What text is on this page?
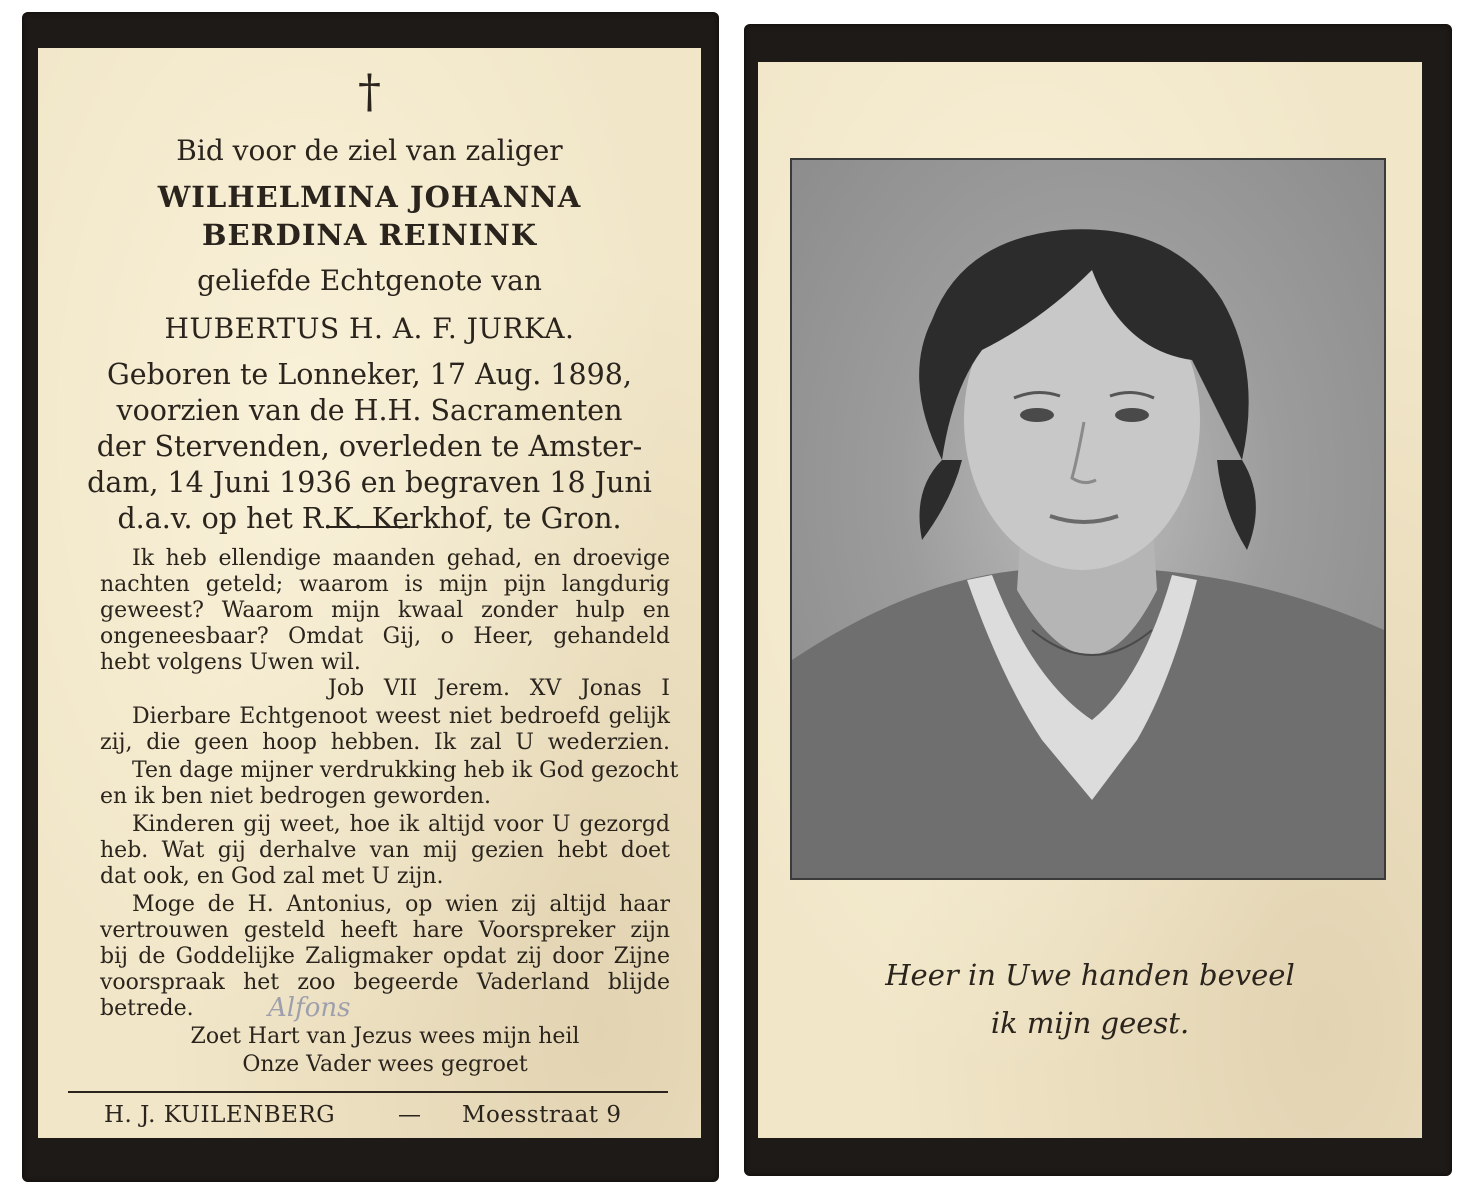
†
Bid voor de ziel van zaliger
WILHELMINA JOHANNA
BERDINA REININK
geliefde Echtgenote van
HUBERTUS H. A. F. JURKA.
Geboren te Lonneker, 17 Aug. 1898,
voorzien van de H.H. Sacramenten
der Stervenden, overleden te Amster-
dam, 14 Juni 1936 en begraven 18 Juni
d.a.v. op het R.K. Kerkhof, te Gron.
Ik heb ellendige maanden gehad, en droevige
nachten geteld; waarom is mijn pijn langdurig
geweest? Waarom mijn kwaal zonder hulp en
ongeneesbaar? Omdat Gij, o Heer, gehandeld
hebt volgens Uwen wil.
Job VII Jerem. XV Jonas I
Dierbare Echtgenoot weest niet bedroefd gelijk
zij, die geen hoop hebben. Ik zal U wederzien.
Ten dage mijner verdrukking heb ik God gezocht
en ik ben niet bedrogen geworden.
Kinderen gij weet, hoe ik altijd voor U gezorgd
heb. Wat gij derhalve van mij gezien hebt doet
dat ook, en God zal met U zijn.
Moge de H. Antonius, op wien zij altijd haar
vertrouwen gesteld heeft hare Voorspreker zijn
bij de Goddelijke Zaligmaker opdat zij door Zijne
voorspraak het zoo begeerde Vaderland blijde
betrede.
Zoet Hart van Jezus wees mijn heil
Onze Vader wees gegroet
Alfons
H. J. KUILENBERG	— Moesstraat 9
Heer in Uwe handen beveel
ik mijn geest.
